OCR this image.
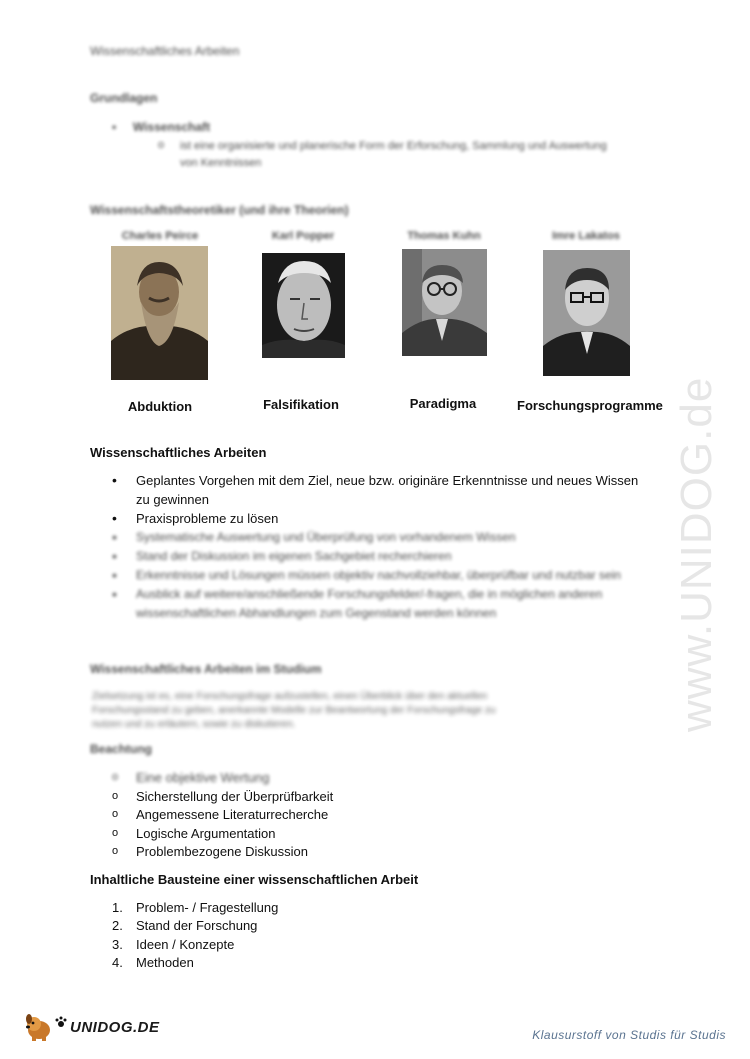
Wissenschaftliches Arbeiten
Grundlagen
•     Wissenschaft
o ist eine organisierte und planerische Form der Erforschung, Sammlung und Auswertung von Kenntnissen
Wissenschaftstheoretiker (und ihre Theorien)
Charles Peirce	Karl Popper	Thomas Kuhn	Imre Lakatos
Abduktion	Falsifikation	Paradigma	Forschungsprogramme
Wissenschaftliches Arbeiten
• Geplantes Vorgehen mit dem Ziel, neue bzw. originäre Erkenntnisse und neues Wissen zu gewinnen
• Praxisprobleme zu lösen
• Systematische Auswertung und Überprüfung von vorhandenem Wissen
• Stand der Diskussion im eigenen Sachgebiet recherchieren
• Erkenntnisse und Lösungen müssen objektiv nachvollziehbar, überprüfbar und nutzbar sein
• Ausblick auf weitere/anschließende Forschungsfelder/-fragen, die in möglichen anderen wissenschaftlichen Abhandlungen zum Gegenstand werden können
Wissenschaftliches Arbeiten im Studium
Zielsetzung ist es, eine Forschungsfrage aufzustellen, einen Überblick über den aktuellen Forschungsstand zu geben, anerkannte Modelle zur Beantwortung der Forschungsfrage zu nutzen und zu erläutern, sowie zu diskutieren.
Beachtung
o Eine objektive Wertung
o Sicherstellung der Überprüfbarkeit
o Angemessene Literaturrecherche
o Logische Argumentation
o Problembezogene Diskussion
Inhaltliche Bausteine einer wissenschaftlichen Arbeit
1. Problem- / Fragestellung
2. Stand der Forschung
3. Ideen / Konzepte
4. Methoden
www.UNIDOG.de
UNIDOG.DE	Klausurstoff von Studis für Studis
